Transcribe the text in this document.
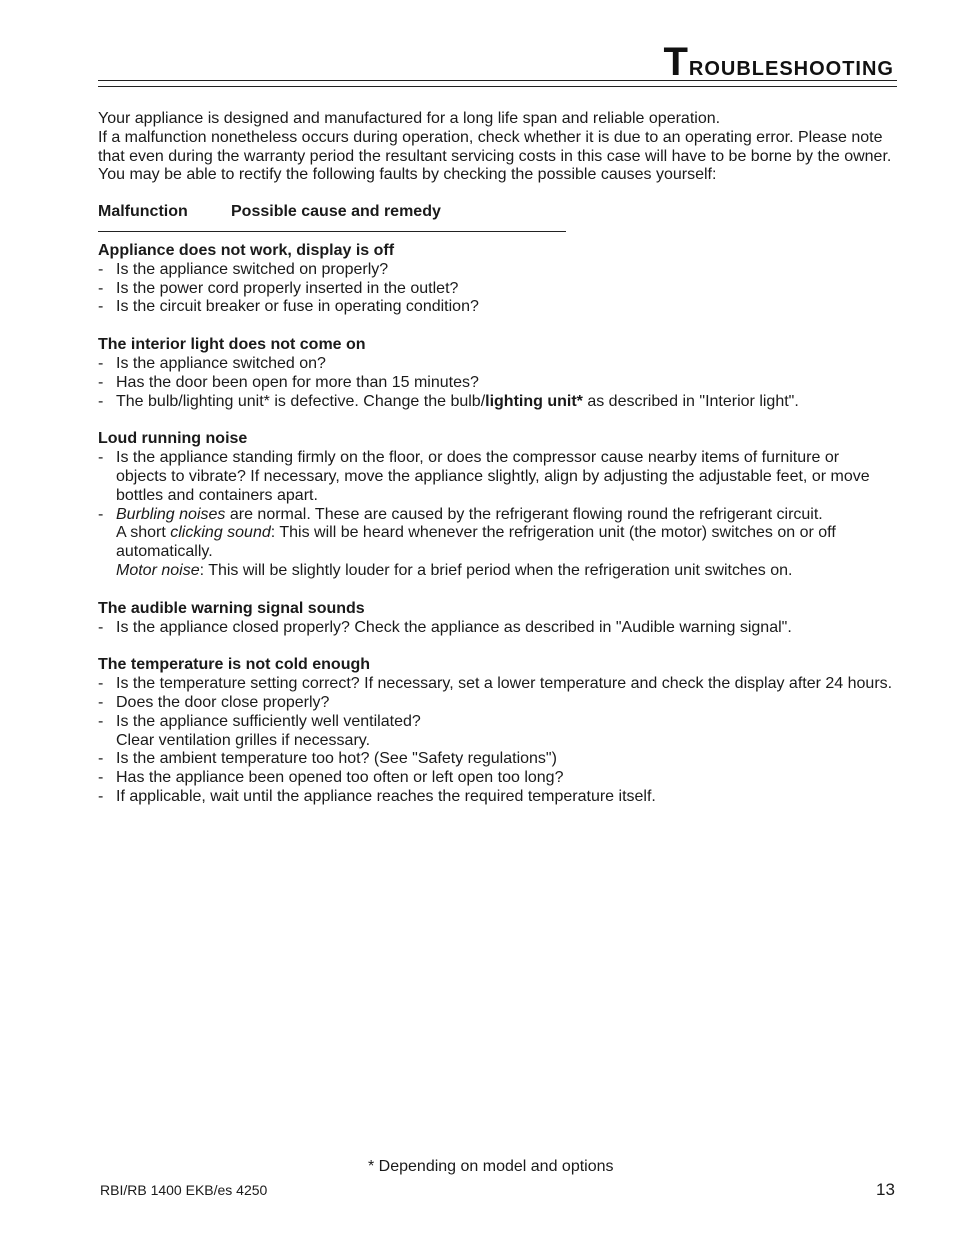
Troubleshooting

Your appliance is designed and manufactured for a long life span and reliable operation.

If a malfunction nonetheless occurs during operation, check whether it is due to an operating error. Please note that even during the warranty period the resultant servicing costs in this case will have to be borne by the owner.

You may be able to rectify the following faults by checking the possible causes yourself:

Malfunction	Possible cause and remedy

Appliance does not work, display is off

- Is the appliance switched on properly?
- Is the power cord properly inserted in the outlet?
- Is the circuit breaker or fuse in operating condition?

The interior light does not come on

- Is the appliance switched on?
- Has the door been open for more than 15 minutes?
- The bulb/lighting unit* is defective. Change the bulb/lighting unit* as described in "Interior light".

Loud running noise

- Is the appliance standing firmly on the floor, or does the compressor cause nearby items of furniture or objects to vibrate? If necessary, move the appliance slightly, align by adjusting the adjustable feet, or move bottles and containers apart.
- Burbling noises are normal. These are caused by the refrigerant flowing round the refrigerant circuit.
A short clicking sound: This will be heard whenever the refrigeration unit (the motor) switches on or off automatically.
Motor noise: This will be slightly louder for a brief period when the refrigeration unit switches on.

The audible warning signal sounds

- Is the appliance closed properly? Check the appliance as described in "Audible warning signal".

The temperature is not cold enough

- Is the temperature setting correct? If necessary, set a lower temperature and check the display after 24 hours.
- Does the door close properly?
- Is the appliance sufficiently well ventilated?
Clear ventilation grilles if necessary.
- Is the ambient temperature too hot? (See "Safety regulations")
- Has the appliance been opened too often or left open too long?
- If applicable, wait until the appliance reaches the required temperature itself.
* Depending on model and options
RBI/RB 1400 EKB/es 4250	13
